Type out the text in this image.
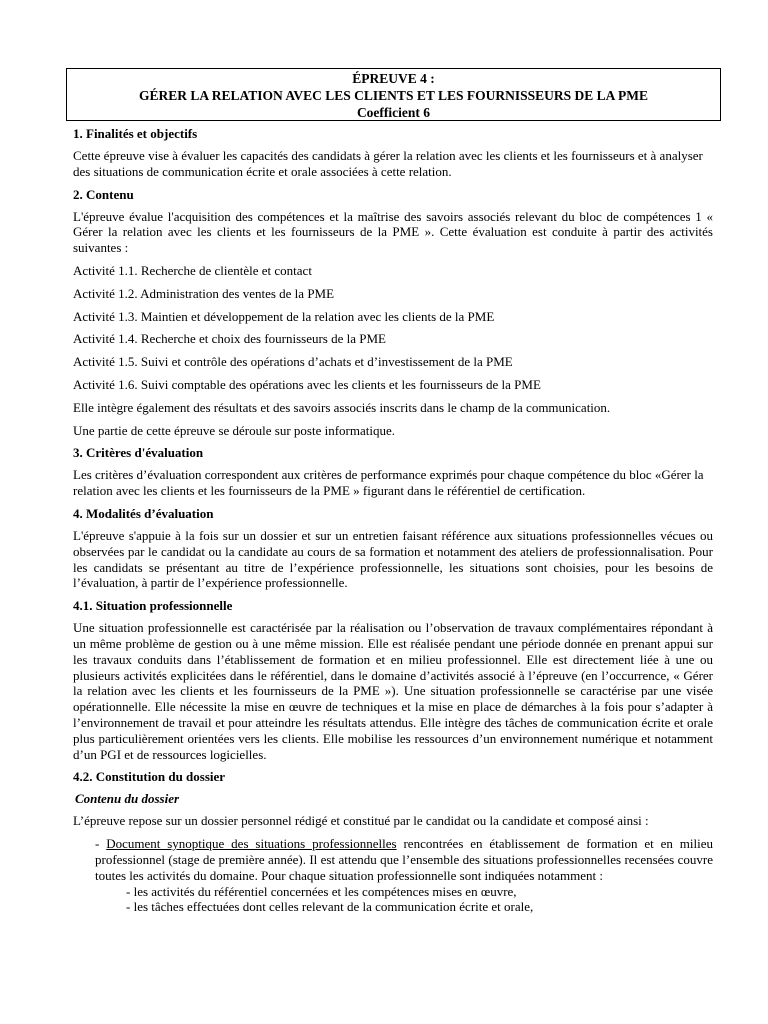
ÉPREUVE 4 :
GÉRER LA RELATION AVEC LES CLIENTS ET LES FOURNISSEURS DE LA PME
Coefficient 6
1. Finalités et objectifs
Cette épreuve vise à évaluer les capacités des candidats à gérer la relation avec les clients et les fournisseurs et à analyser des situations de communication écrite et orale associées à cette relation.
2. Contenu
L'épreuve évalue l'acquisition des compétences et la maîtrise des savoirs associés relevant du bloc de compétences 1 « Gérer la relation avec les clients et les fournisseurs de la PME ». Cette évaluation est conduite à partir des activités suivantes :
Activité 1.1. Recherche de clientèle et contact
Activité 1.2. Administration des ventes de la PME
Activité 1.3. Maintien et développement de la relation avec les clients de la PME
Activité 1.4. Recherche et choix des fournisseurs de la PME
Activité 1.5. Suivi et contrôle des opérations d’achats et d’investissement de la PME
Activité 1.6. Suivi comptable des opérations avec les clients et les fournisseurs de la PME
Elle intègre également des résultats et des savoirs associés inscrits dans le champ de la communication.
Une partie de cette épreuve se déroule sur poste informatique.
3. Critères d'évaluation
Les critères d’évaluation correspondent aux critères de performance exprimés pour chaque compétence du bloc «Gérer la relation avec les clients et les fournisseurs de la PME » figurant dans le référentiel de certification.
4. Modalités d’évaluation
L'épreuve s'appuie à la fois sur un dossier et sur un entretien faisant référence aux situations professionnelles vécues ou observées par le candidat ou la candidate au cours de sa formation et notamment des ateliers de professionnalisation. Pour les candidats se présentant au titre de l’expérience professionnelle, les situations sont choisies, pour les besoins de l’évaluation, à partir de l’expérience professionnelle.
4.1. Situation professionnelle
Une situation professionnelle est caractérisée par la réalisation ou l’observation de travaux complémentaires répondant à un même problème de gestion ou à une même mission. Elle est réalisée pendant une période donnée en prenant appui sur les travaux conduits dans l’établissement de formation et en milieu professionnel. Elle est directement liée à une ou plusieurs activités explicitées dans le référentiel, dans le domaine d’activités associé à l’épreuve (en l’occurrence, « Gérer la relation avec les clients et les fournisseurs de la PME »). Une situation professionnelle se caractérise par une visée opérationnelle. Elle nécessite la mise en œuvre de techniques et la mise en place de démarches à la fois pour s’adapter à l’environnement de travail et pour atteindre les résultats attendus. Elle intègre des tâches de communication écrite et orale plus particulièrement orientées vers les clients. Elle mobilise les ressources d’un environnement numérique et notamment d’un PGI et de ressources logicielles.
4.2. Constitution du dossier
Contenu du dossier
L’épreuve repose sur un dossier personnel rédigé et constitué par le candidat ou la candidate et composé ainsi :
- Document synoptique des situations professionnelles rencontrées en établissement de formation et en milieu professionnel (stage de première année). Il est attendu que l’ensemble des situations professionnelles recensées couvre toutes les activités du domaine. Pour chaque situation professionnelle sont indiquées notamment :
- les activités du référentiel concernées et les compétences mises en œuvre,
- les tâches effectuées dont celles relevant de la communication écrite et orale,
